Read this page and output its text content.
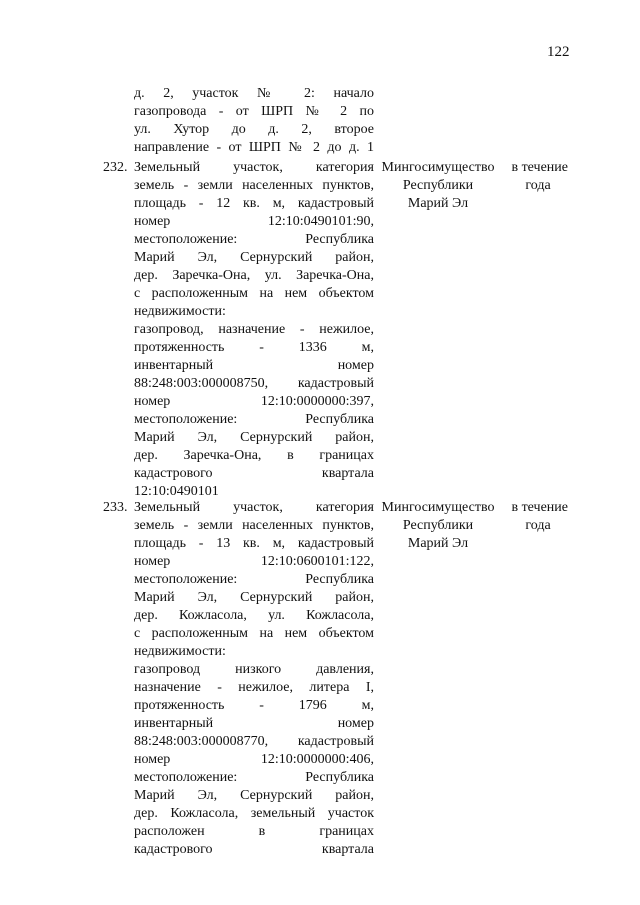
122
д. 2, участок № 2: начало
газопровода - от ШРП № 2 по
ул. Хутор до д. 2, второе
направление - от ШРП № 2 до д. 1
232. Земельный участок, категория
земель - земли населенных пунктов,
площадь - 12 кв. м, кадастровый
номер 12:10:0490101:90,
местоположение: Республика
Марий Эл, Сернурский район,
дер. Заречка-Она, ул. Заречка-Она,
с расположенным на нем объектом
недвижимости:
газопровод, назначение - нежилое,
протяженность - 1336 м,
инвентарный номер
88:248:003:000008750, кадастровый
номер 12:10:0000000:397,
местоположение: Республика
Марий Эл, Сернурский район,
дер. Заречка-Она, в границах
кадастрового квартала
12:10:0490101
Мингосимущество
Республики
Марий Эл
в течение
года
233. Земельный участок, категория
земель - земли населенных пунктов,
площадь - 13 кв. м, кадастровый
номер 12:10:0600101:122,
местоположение: Республика
Марий Эл, Сернурский район,
дер. Кожласола, ул. Кожласола,
с расположенным на нем объектом
недвижимости:
газопровод низкого давления,
назначение - нежилое, литера I,
протяженность - 1796 м,
инвентарный номер
88:248:003:000008770, кадастровый
номер 12:10:0000000:406,
местоположение: Республика
Марий Эл, Сернурский район,
дер. Кожласола, земельный участок
расположен в границах
кадастрового квартала
Мингосимущество
Республики
Марий Эл
в течение
года
